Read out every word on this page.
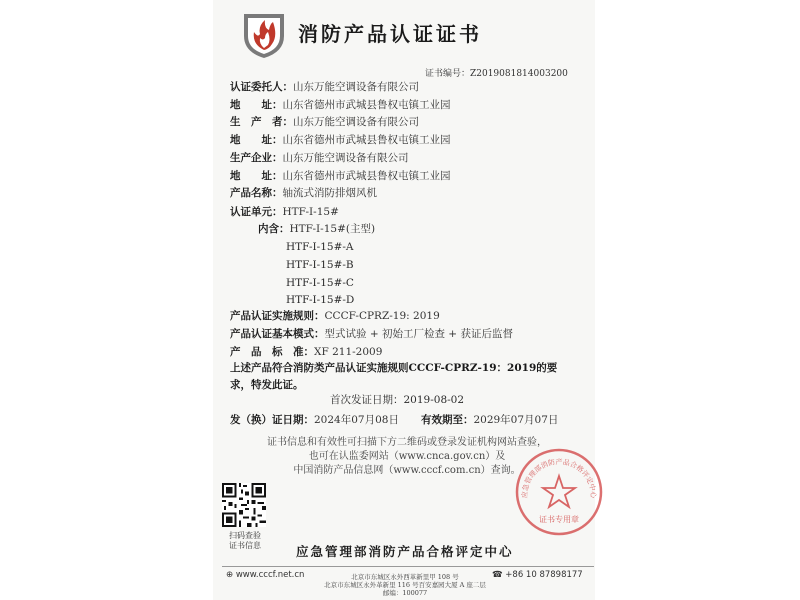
消防产品认证证书
证书编号：Z2019081814003200
认证委托人：山东万能空调设备有限公司
地　　址：山东省德州市武城县鲁权屯镇工业园
生　产　者：山东万能空调设备有限公司
地　　址：山东省德州市武城县鲁权屯镇工业园
生产企业：山东万能空调设备有限公司
地　　址：山东省德州市武城县鲁权屯镇工业园
产品名称：轴流式消防排烟风机
认证单元：HTF-Ⅰ-15#
内含：HTF-Ⅰ-15#(主型)
HTF-Ⅰ-15#-A
HTF-Ⅰ-15#-B
HTF-Ⅰ-15#-C
HTF-Ⅰ-15#-D
产品认证实施规则：CCCF-CPRZ-19: 2019
产品认证基本模式：型式试验 + 初始工厂检查 + 获证后监督
产　品　标　准：XF 211-2009
上述产品符合消防类产品认证实施规则CCCF-CPRZ-19：2019的要求，特发此证。
首次发证日期：2019-08-02
发（换）证日期：2024年07月08日 有效期至：2029年07月07日
证书信息和有效性可扫描下方二维码或登录发证机构网站查验，
也可在认监委网站（www.cnca.gov.cn）及
中国消防产品信息网（www.cccf.com.cn）查询。
扫码查验
证书信息
应急管理部消防产品合格评定中心
证书专用章
应急管理部消防产品合格评定中心
⊕ www.cccf.net.cn	☎ +86 10 87898177
北京市东城区永外西革新里甲 108 号
北京市东城区永外革新里 116 号百安嘉园大厦 A 座二层
邮编：100077
